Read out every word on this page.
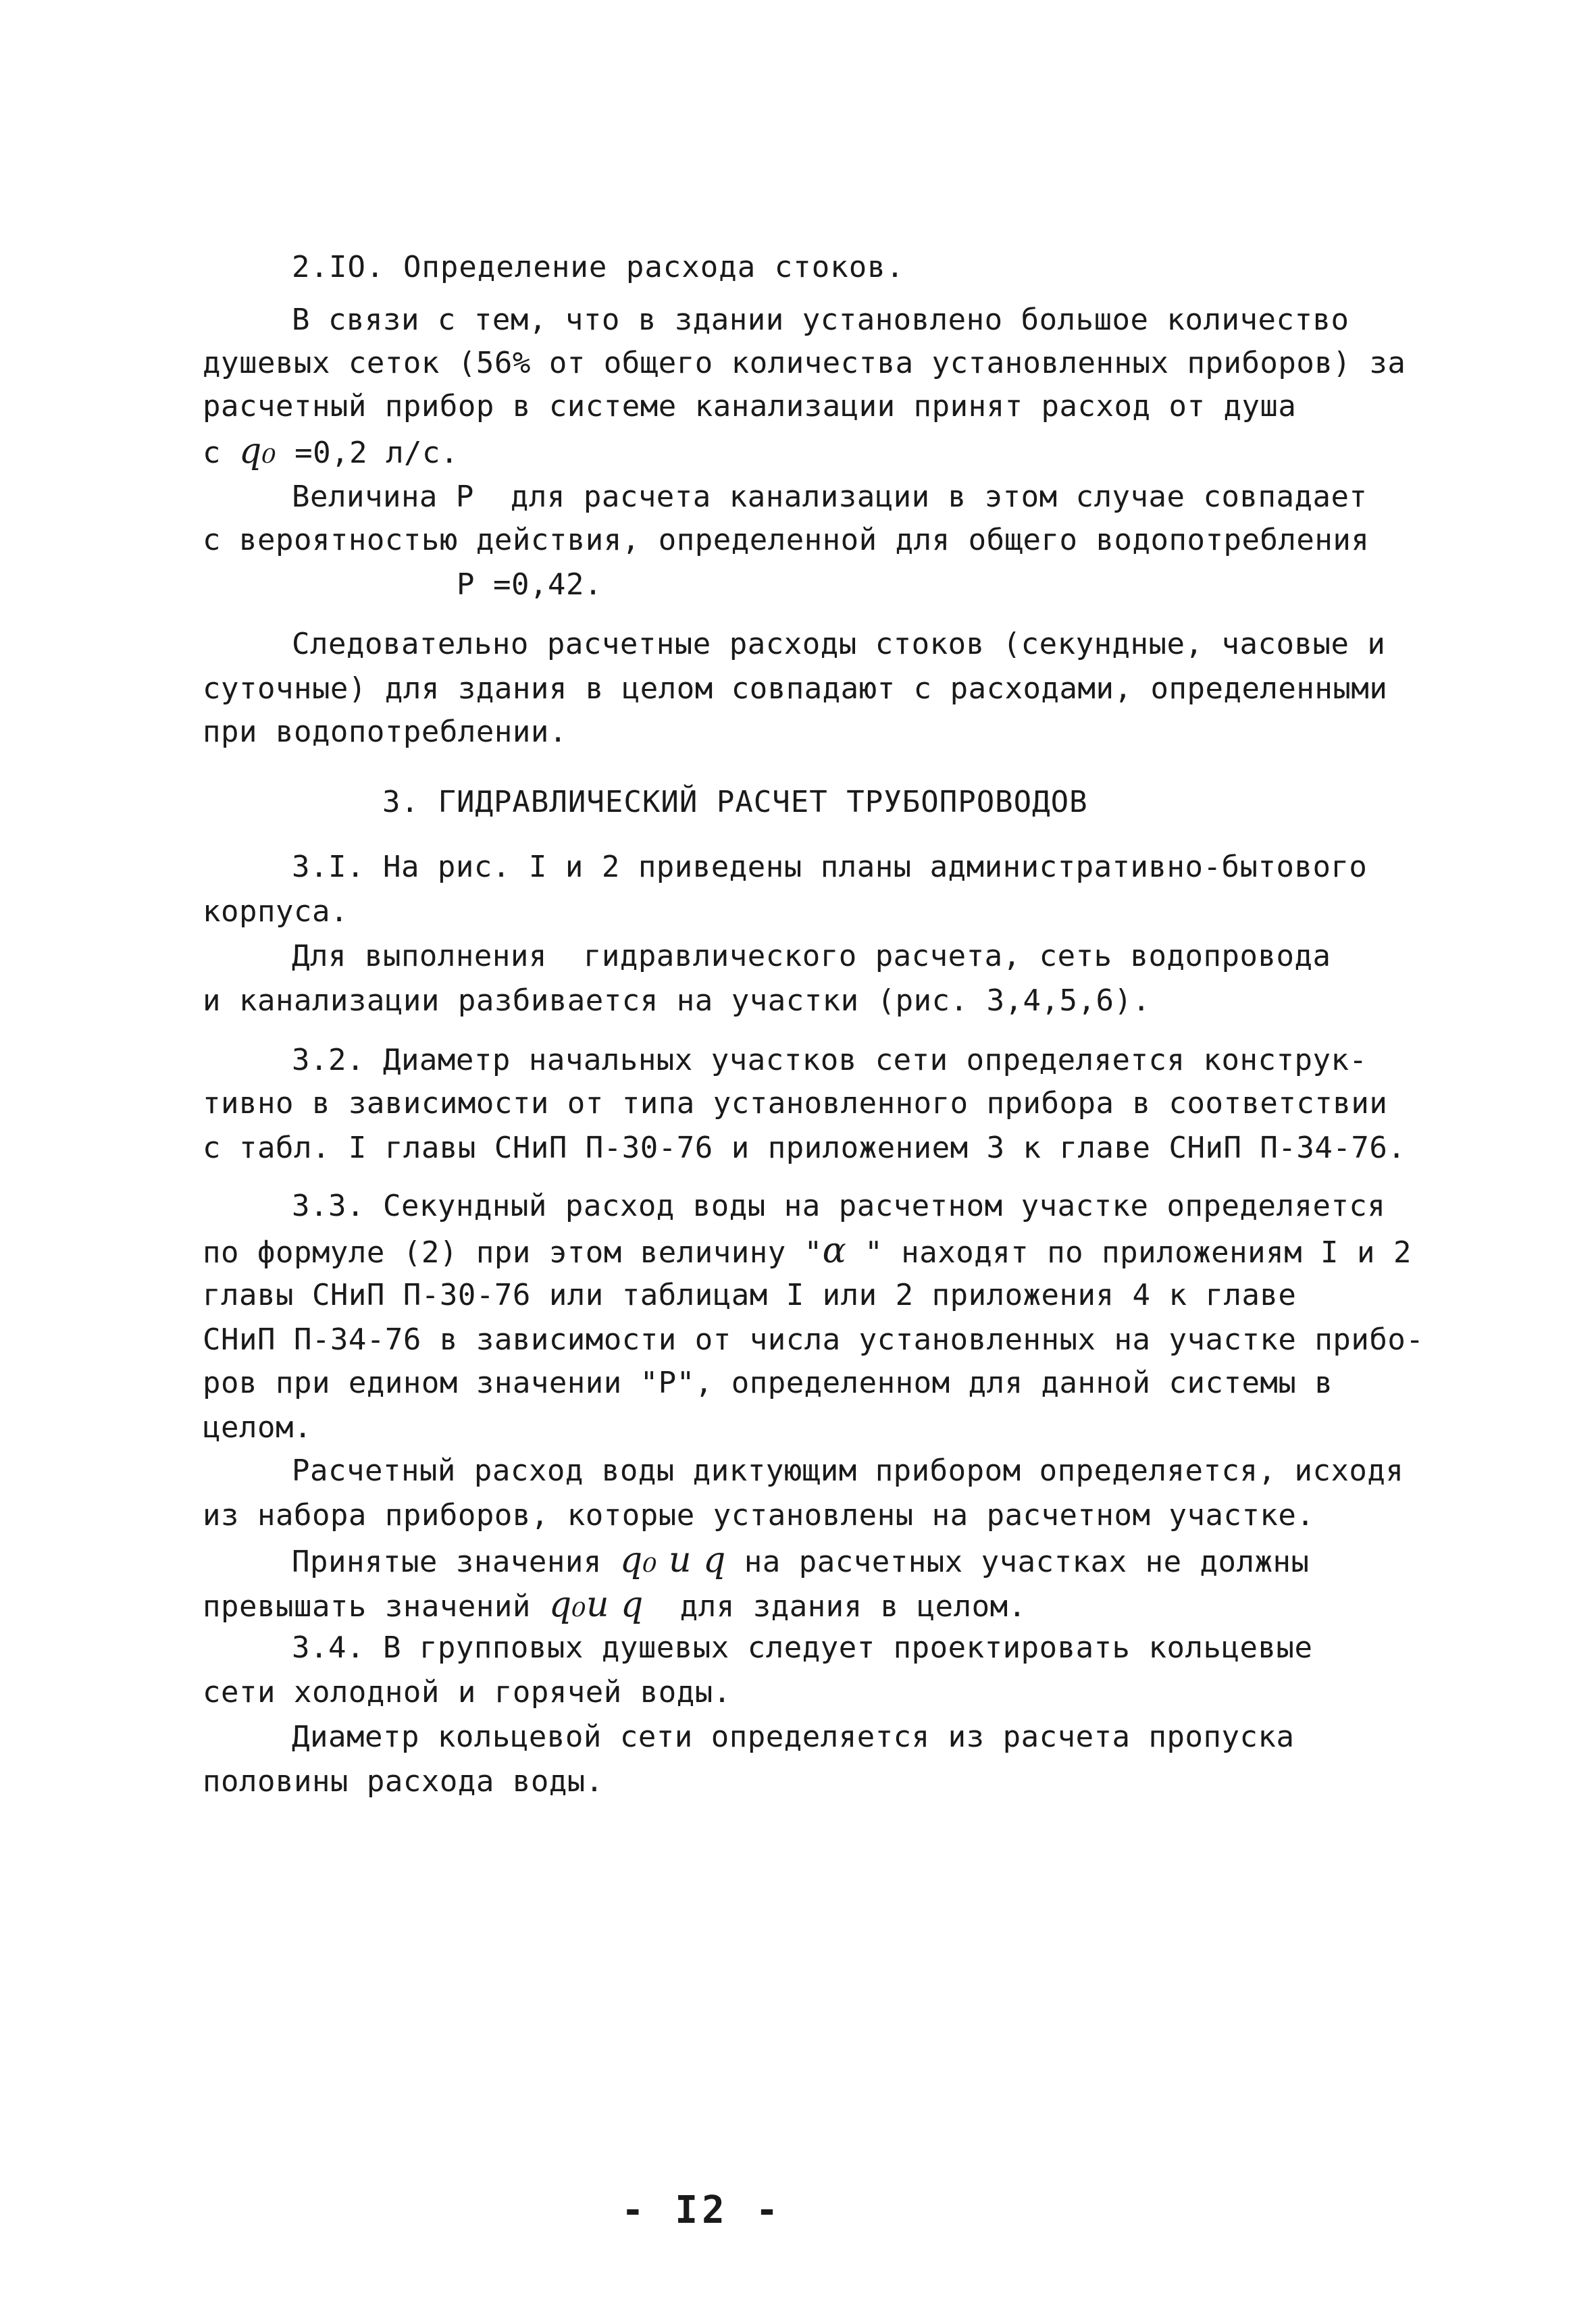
2.IO. Определение расхода стоков.
В связи с тем, что в здании установлено большое количество
душевых сеток (56% от общего количества установленных приборов) за
расчетный прибор в системе канализации принят расход от душа
с q₀ =0,2 л/с.
Величина Р  для расчета канализации в этом случае совпадает
с вероятностью действия, определенной для общего водопотребления
Р =0,42.
Следовательно расчетные расходы стоков (секундные, часовые и
суточные) для здания в целом совпадают с расходами, определенными
при водопотреблении.
3. ГИДРАВЛИЧЕСКИЙ РАСЧЕТ ТРУБОПРОВОДОВ
3.I. На рис. I и 2 приведены планы административно-бытового
корпуса.
Для выполнения  гидравлического расчета, сеть водопровода
и канализации разбивается на участки (рис. 3,4,5,6).
3.2. Диаметр начальных участков сети определяется конструк-
тивно в зависимости от типа установленного прибора в соответствии
с табл. I главы СНиП П-30-76 и приложением 3 к главе СНиП П-34-76.
3.3. Секундный расход воды на расчетном участке определяется
по формуле (2) при этом величину "α " находят по приложениям I и 2
главы СНиП П-30-76 или таблицам I или 2 приложения 4 к главе
СНиП П-34-76 в зависимости от числа установленных на участке прибо-
ров при едином значении "Р", определенном для данной системы в
целом.
Расчетный расход воды диктующим прибором определяется, исходя
из набора приборов, которые установлены на расчетном участке.
Принятые значения q₀ и q на расчетных участках не должны
превышать значений q₀и q  для здания в целом.
3.4. В групповых душевых следует проектировать кольцевые
сети холодной и горячей воды.
Диаметр кольцевой сети определяется из расчета пропуска
половины расхода воды.
- I2 -
